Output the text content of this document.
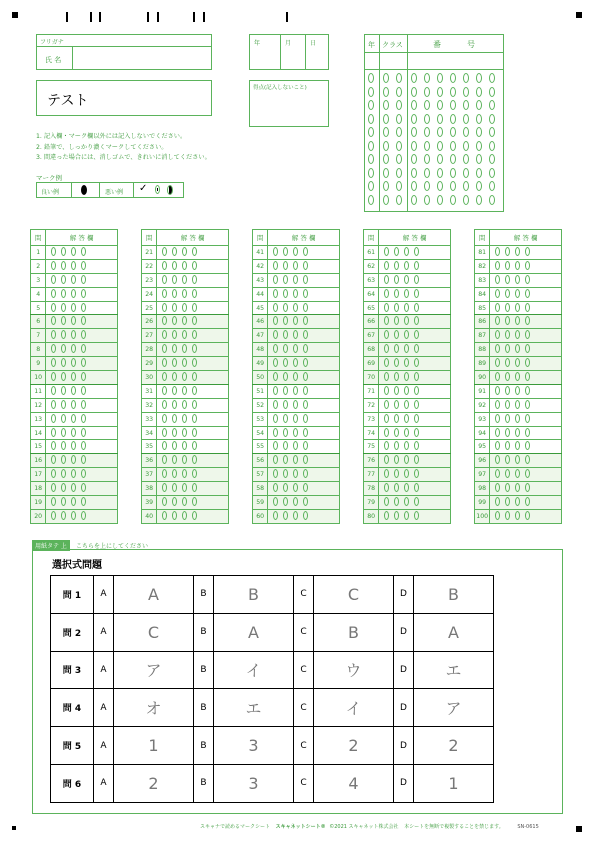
フリガナ
氏 名
年	月	日
得点(記入しないこと)
テスト
1. 記入欄・マーク欄以外には記入しないでください。
2. 鉛筆で、しっかり濃くマークしてください。
3. 間違った場合には、消しゴムで、きれいに消してください。
マーク例
良い例	悪い例 ✓
年 クラス	番	号
問	解 答 欄
1	
2	
3	
4	
5	
6	
7	
8	
9	
10	
11	
12	
13	
14	
15	
16	
17	
18	
19	
20	
問	解 答 欄
21	
22	
23	
24	
25	
26	
27	
28	
29	
30	
31	
32	
33	
34	
35	
36	
37	
38	
39	
40	
問	解 答 欄
41	
42	
43	
44	
45	
46	
47	
48	
49	
50	
51	
52	
53	
54	
55	
56	
57	
58	
59	
60	
問	解 答 欄
61	
62	
63	
64	
65	
66	
67	
68	
69	
70	
71	
72	
73	
74	
75	
76	
77	
78	
79	
80	
問	解 答 欄
81	
82	
83	
84	
85	
86	
87	
88	
89	
90	
91	
92	
93	
94	
95	
96	
97	
98	
99	
100	
用紙タテ 上	こちらを上にしてください
選択式問題
問 1	A	A	B	B	C	C	D	B
問 2	A	C	B	A	C	B	D	A
問 3	A	ア	B	イ	C	ウ	D	エ
問 4	A	オ	B	エ	C	イ	D	ア
問 5	A	1	B	3	C	2	D	2
問 6	A	2	B	3	C	4	D	1
スキャナで読めるマークシート スキャネットシート® ©2021 スキャネット株式会社 本シートを無断で複製することを禁じます。	SN-0615
